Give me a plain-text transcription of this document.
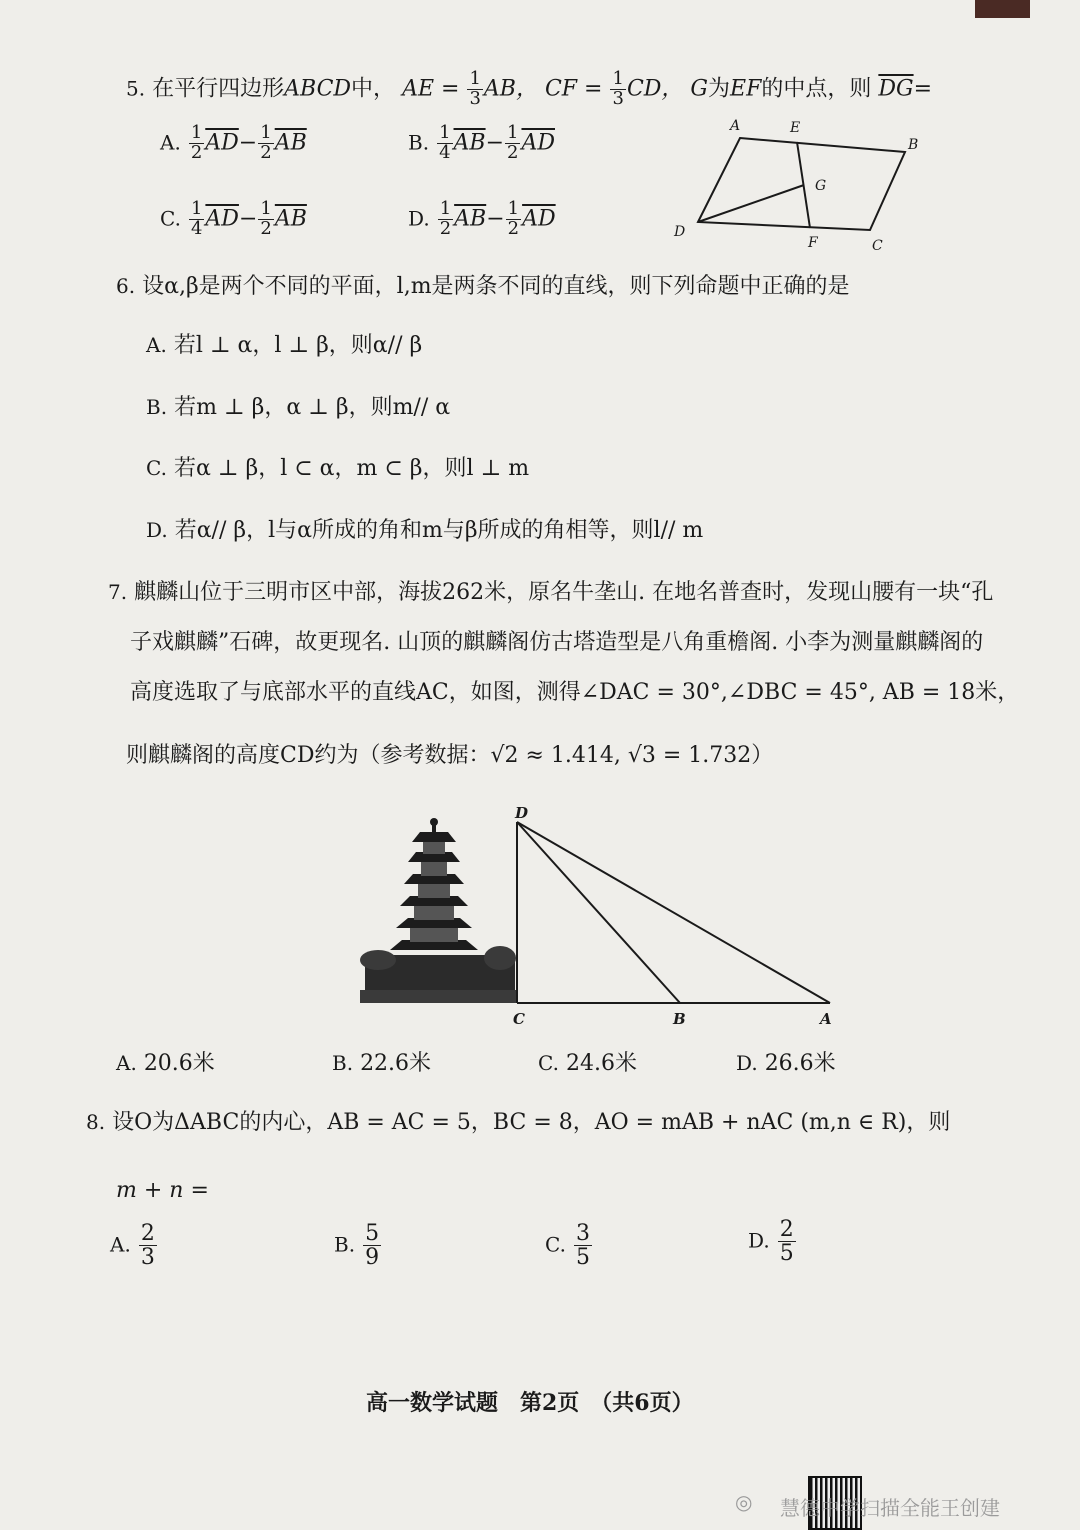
5. 在平行四边形ABCD中， AE = $\frac{1}{3}$ AB， CF = $\frac{1}{3}$ CD， G为EF的中点，则 $\overline{DG}=$
A. $\frac{1}{2} \overline{AD}- \frac{1}{2} \overline{AB}$	B. $\frac{1}{4} \overline{AB}- \frac{1}{2} \overline{AD}$
C. $\frac{1}{4} \overline{AD}- \frac{1}{2} \overline{AB}$	D. $\frac{1}{2} \overline{AB}- \frac{1}{2} \overline{AD}$
A	E
B
G
D
F	C
6. 设α,β是两个不同的平面，l,m是两条不同的直线，则下列命题中正确的是
A. 若l ⊥ α，l ⊥ β，则α// β
B. 若m ⊥ β，α ⊥ β，则m// α
C. 若α ⊥ β，l ⊂ α，m ⊂ β，则l ⊥ m
D. 若α// β，l与α所成的角和m与β所成的角相等，则l// m
7. 麒麟山位于三明市区中部，海拔262米，原名牛垄山. 在地名普查时，发现山腰有一块“孔
子戏麒麟”石碑，故更现名. 山顶的麒麟阁仿古塔造型是八角重檐阁. 小李为测量麒麟阁的
高度选取了与底部水平的直线AC，如图，测得∠DAC = 30°,∠DBC = 45°, AB = 18米，
则麒麟阁的高度CD约为（参考数据：√2 ≈ 1.414, √3 = 1.732）
D
C	B	A
A. 20.6米	B. 22.6米	C. 24.6米	D. 26.6米
8. 设O为ΔABC的内心，AB = AC = 5，BC = 8，AO = mAB + nAC (m,n ∈ R)，则
m + n =
A. $\frac{2}{3}$	B. $\frac{5}{9}$	C. $\frac{3}{5}$	D. $\frac{2}{5}$
高一数学试题　第2页　（共6页）
◎ 慧德中学扫描全能王创建
